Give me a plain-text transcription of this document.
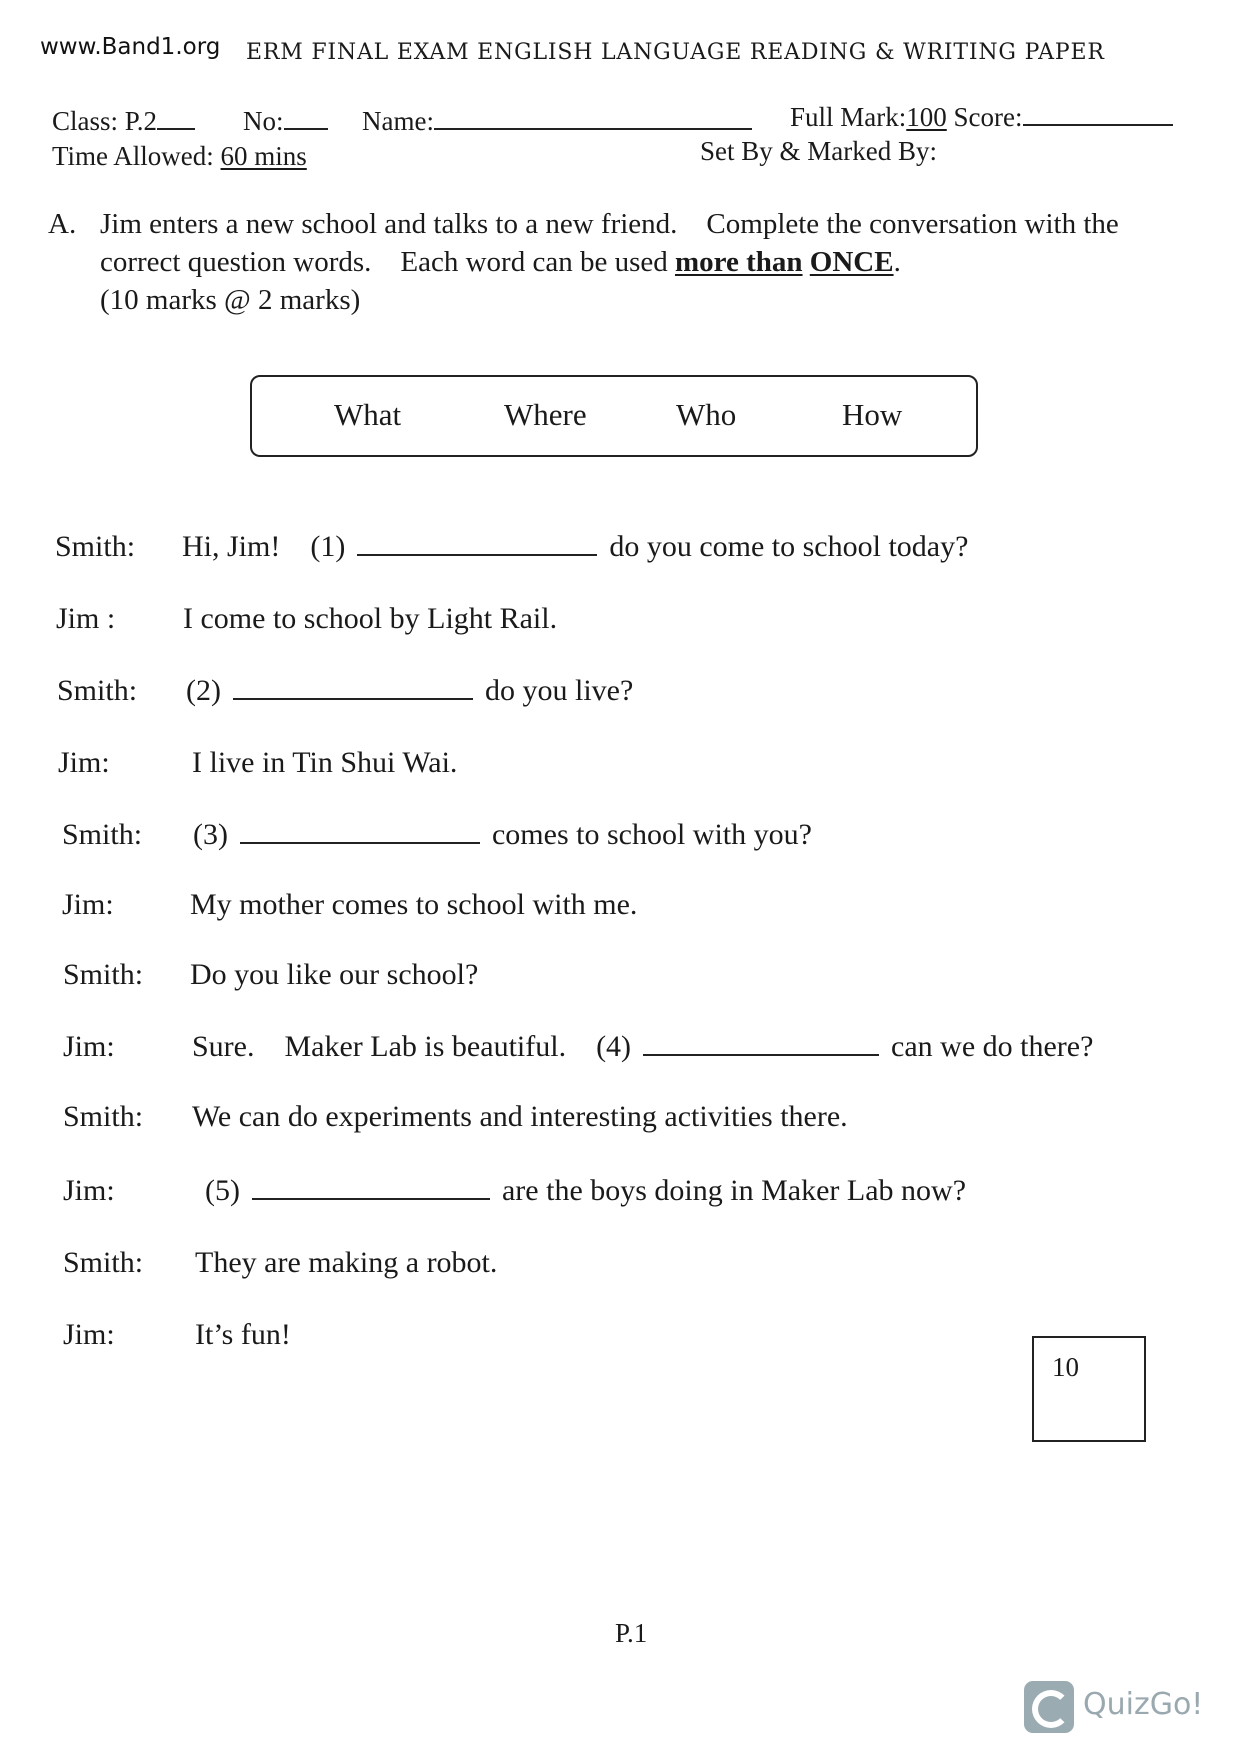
www.Band1.org ERM FINAL EXAM ENGLISH LANGUAGE READING & WRITING PAPER
Class: P.2	No:	Name:	Full Mark:100 Score:
Time Allowed: 60 mins	Set By & Marked By:
A. Jim enters a new school and talks to a new friend.    Complete the conversation with the
correct question words.    Each word can be used more than ONCE.
(10 marks @ 2 marks)
What	Where	Who	How
Smith: Hi, Jim!    (1)	do you come to school today?
Jim : I come to school by Light Rail.
Smith: (2)	do you live?
Jim:	I live in Tin Shui Wai.
Smith: (3)	comes to school with you?
Jim:	My mother comes to school with me.
Smith: Do you like our school?
Jim:	Sure.    Maker Lab is beautiful.    (4)	can we do there?
Smith: We can do experiments and interesting activities there.
Jim:	(5)	are the boys doing in Maker Lab now?
Smith: They are making a robot.
Jim:	It’s fun!
10
P.1
QuizGo!
